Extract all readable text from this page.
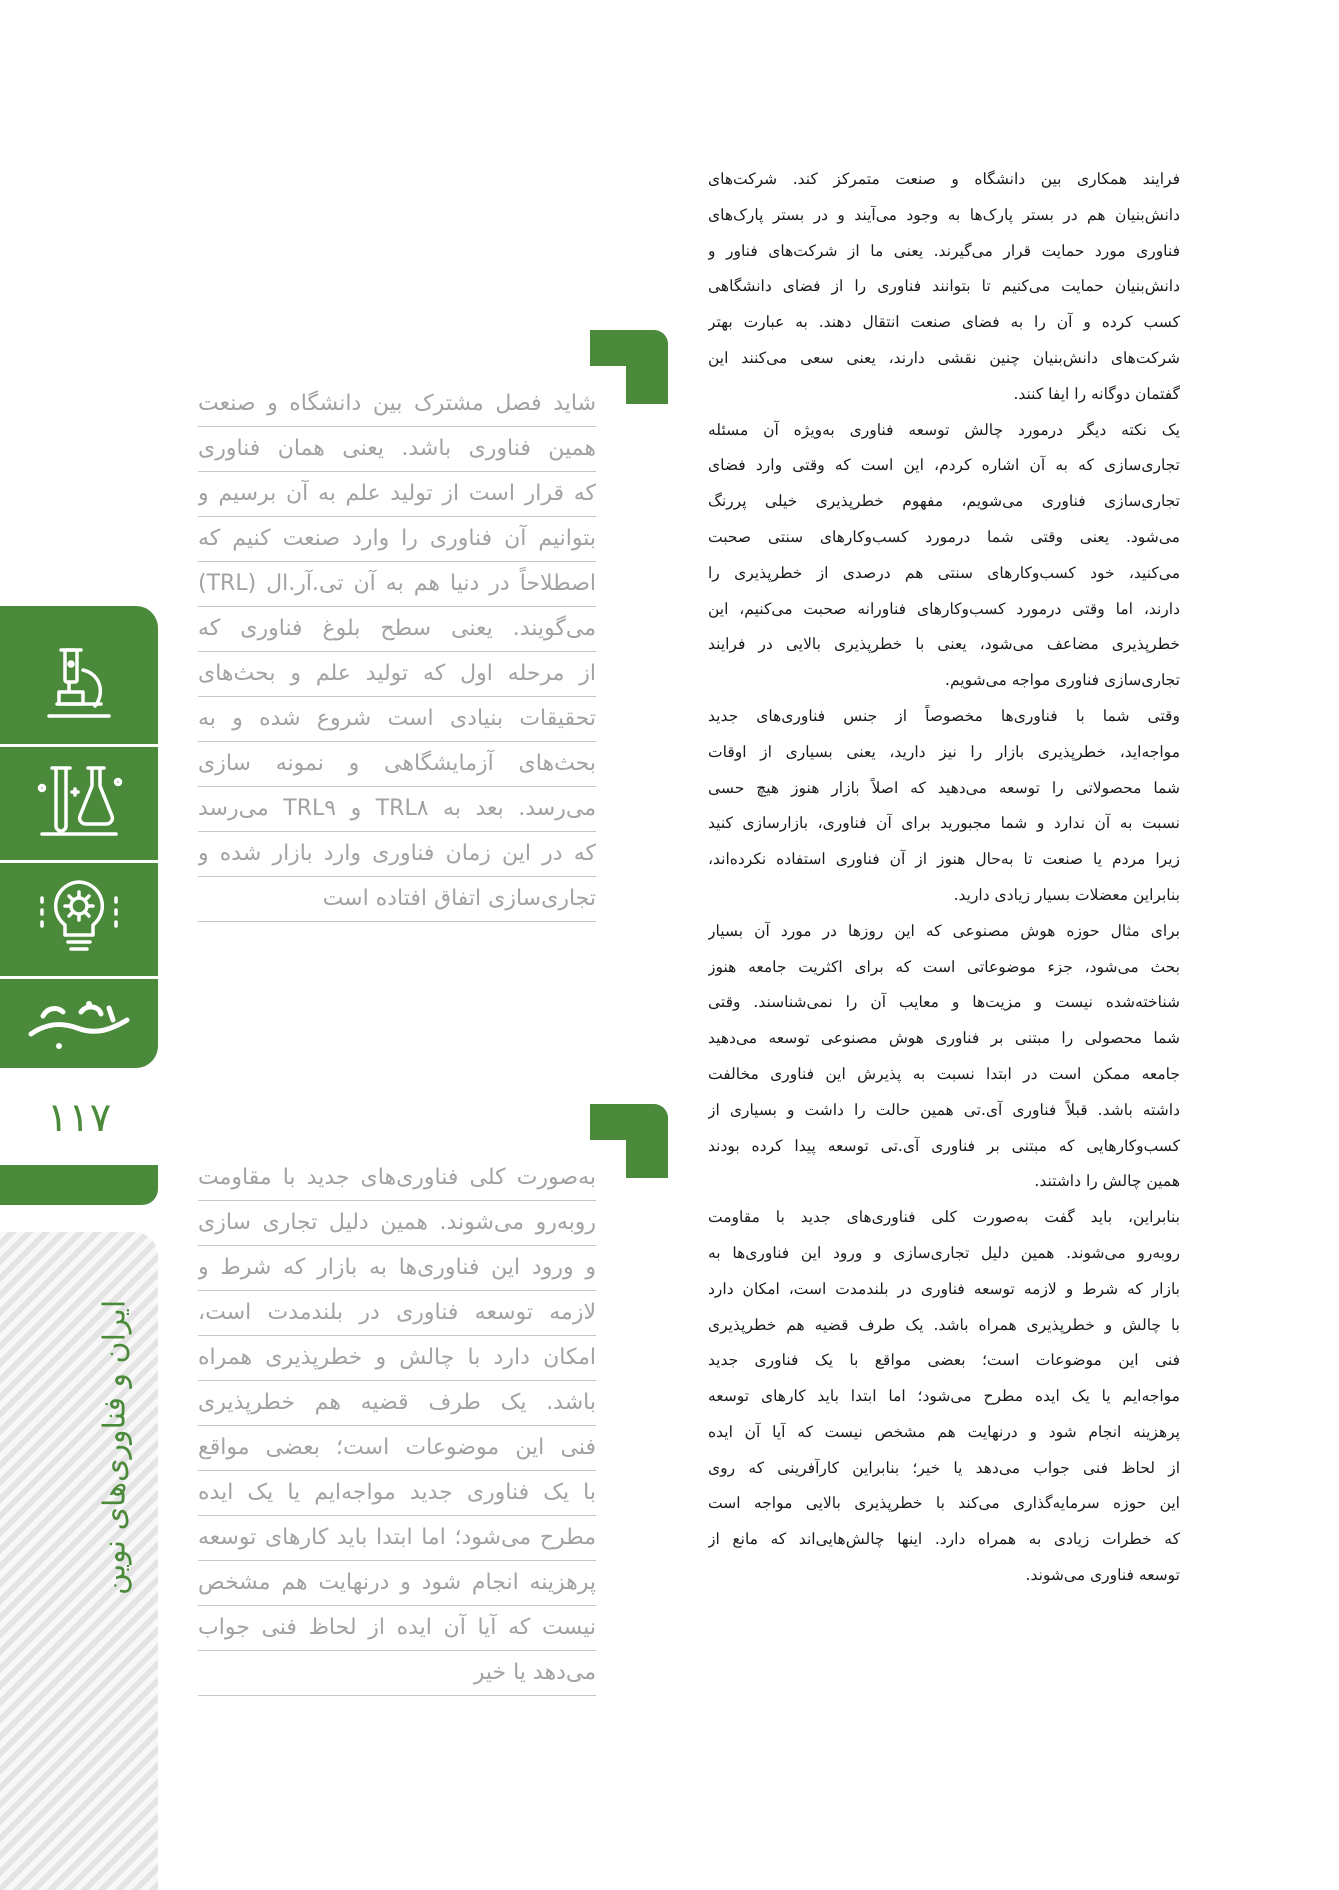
۱۱۷
ایران و فناوری‌های نوین
شاید فصل مشترک بین دانشگاه و صنعت
همین فناوری باشد. یعنی همان فناوری
که قرار است از تولید علم به آن برسیم و
بتوانیم آن فناوری را وارد صنعت کنیم که
اصطلاحاً در دنیا هم به آن تی.آر.ال (TRL)
می‌گویند. یعنی سطح بلوغ فناوری که
از مرحله اول که تولید علم و بحث‌های
تحقیقات بنیادی است شروع شده و به
بحث‌های آزمایشگاهی و نمونه سازی
می‌رسد. بعد به TRL۸ و TRL۹ می‌رسد
که در این زمان فناوری وارد بازار شده و
تجاری‌سازی اتفاق افتاده است
به‌صورت کلی فناوری‌های جدید با مقاومت
روبه‌رو می‌شوند. همین دلیل تجاری سازی
و ورود این فناوری‌ها به بازار که شرط و
لازمه توسعه فناوری در بلندمدت است،
امکان دارد با چالش و خطرپذیری همراه
باشد. یک طرف قضیه هم خطرپذیری
فنی این موضوعات است؛ بعضی مواقع
با یک فناوری جدید مواجه‌ایم یا یک ایده
مطرح می‌شود؛ اما ابتدا باید کارهای توسعه
پرهزینه انجام شود و درنهایت هم مشخص
نیست که آیا آن ایده از لحاظ فنی جواب
می‌دهد یا خیر
فرایند همکاری بین دانشگاه و صنعت متمرکز کند. شرکت‌های
دانش‌بنیان هم در بستر پارک‌ها به وجود می‌آیند و در بستر پارک‌های
فناوری مورد حمایت قرار می‌گیرند. یعنی ما از شرکت‌های فناور و
دانش‌بنیان حمایت می‌کنیم تا بتوانند فناوری را از فضای دانشگاهی
کسب کرده و آن را به فضای صنعت انتقال دهند. به عبارت بهتر
شرکت‌های دانش‌بنیان چنین نقشی دارند، یعنی سعی می‌کنند این
گفتمان دوگانه را ایفا کنند.
یک نکته دیگر درمورد چالش توسعه فناوری به‌ویژه آن مسئله
تجاری‌سازی که به آن اشاره کردم، این است که وقتی وارد فضای
تجاری‌سازی فناوری می‌شویم، مفهوم خطرپذیری خیلی پررنگ
می‌شود. یعنی وقتی شما درمورد کسب‌وکارهای سنتی صحبت
می‌کنید، خود کسب‌وکارهای سنتی هم درصدی از خطرپذیری را
دارند، اما وقتی درمورد کسب‌وکارهای فناورانه صحبت می‌کنیم، این
خطرپذیری مضاعف می‌شود، یعنی با خطرپذیری بالایی در فرایند
تجاری‌سازی فناوری مواجه می‌شویم.
وقتی شما با فناوری‌ها مخصوصاً از جنس فناوری‌های جدید
مواجه‌اید، خطرپذیری بازار را نیز دارید، یعنی بسیاری از اوقات
شما محصولاتی را توسعه می‌دهید که اصلاً بازار هنوز هیچ حسی
نسبت به آن ندارد و شما مجبورید برای آن فناوری، بازارسازی کنید
زیرا مردم یا صنعت تا به‌حال هنوز از آن فناوری استفاده نکرده‌اند،
بنابراین معضلات بسیار زیادی دارید.
برای مثال حوزه هوش مصنوعی که این روزها در مورد آن بسیار
بحث می‌شود، جزء موضوعاتی است که برای اکثریت جامعه هنوز
شناخته‌شده نیست و مزیت‌ها و معایب آن را نمی‌شناسند. وقتی
شما محصولی را مبتنی بر فناوری هوش مصنوعی توسعه می‌دهید
جامعه ممکن است در ابتدا نسبت به پذیرش این فناوری مخالفت
داشته باشد. قبلاً فناوری آی.تی همین حالت را داشت و بسیاری از
کسب‌وکارهایی که مبتنی بر فناوری آی.تی توسعه پیدا کرده بودند
همین چالش را داشتند.
بنابراین، باید گفت به‌صورت کلی فناوری‌های جدید با مقاومت
روبه‌رو می‌شوند. همین دلیل تجاری‌سازی و ورود این فناوری‌ها به
بازار که شرط و لازمه توسعه فناوری در بلندمدت است، امکان دارد
با چالش و خطرپذیری همراه باشد. یک طرف قضیه هم خطرپذیری
فنی این موضوعات است؛ بعضی مواقع با یک فناوری جدید
مواجه‌ایم یا یک ایده مطرح می‌شود؛ اما ابتدا باید کارهای توسعه
پرهزینه انجام شود و درنهایت هم مشخص نیست که آیا آن ایده
از لحاظ فنی جواب می‌دهد یا خیر؛ بنابراین کارآفرینی که روی
این حوزه سرمایه‌گذاری می‌کند با خطرپذیری بالایی مواجه است
که خطرات زیادی به همراه دارد. اینها چالش‌هایی‌اند که مانع از
توسعه فناوری می‌شوند.
